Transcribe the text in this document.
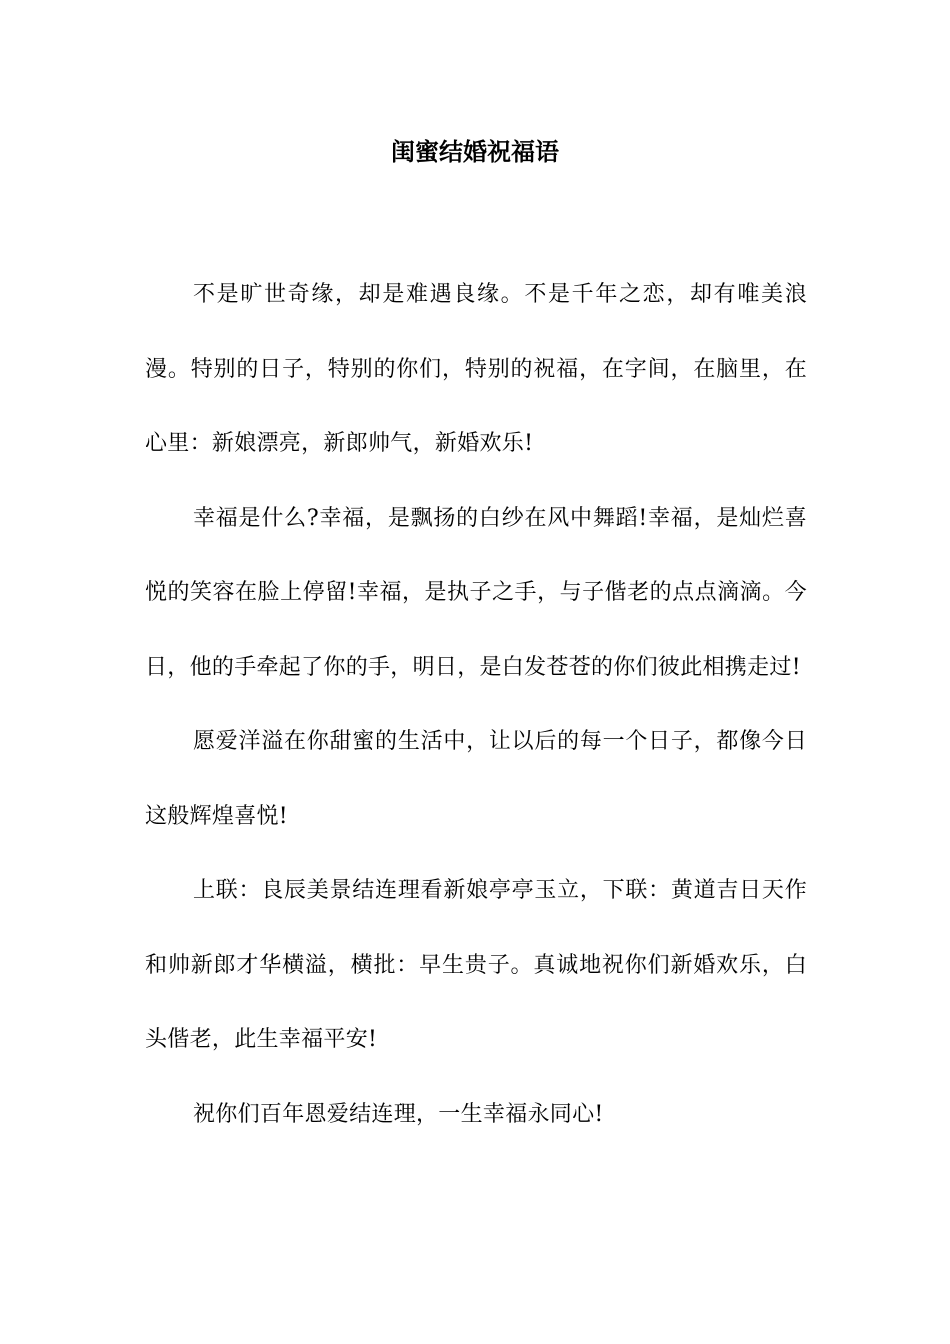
闺蜜结婚祝福语

不是旷世奇缘，却是难遇良缘。不是千年之恋，却有唯美浪漫。特别的日子，特别的你们，特别的祝福，在字间，在脑里，在心里：新娘漂亮，新郎帅气，新婚欢乐!

幸福是什么?幸福，是飘扬的白纱在风中舞蹈!幸福，是灿烂喜悦的笑容在脸上停留!幸福，是执子之手，与子偕老的点点滴滴。今日，他的手牵起了你的手，明日，是白发苍苍的你们彼此相携走过!

愿爱洋溢在你甜蜜的生活中，让以后的每一个日子，都像今日这般辉煌喜悦!

上联：良辰美景结连理看新娘亭亭玉立，下联：黄道吉日天作和帅新郎才华横溢，横批：早生贵子。真诚地祝你们新婚欢乐，白头偕老，此生幸福平安!

祝你们百年恩爱结连理，一生幸福永同心!
